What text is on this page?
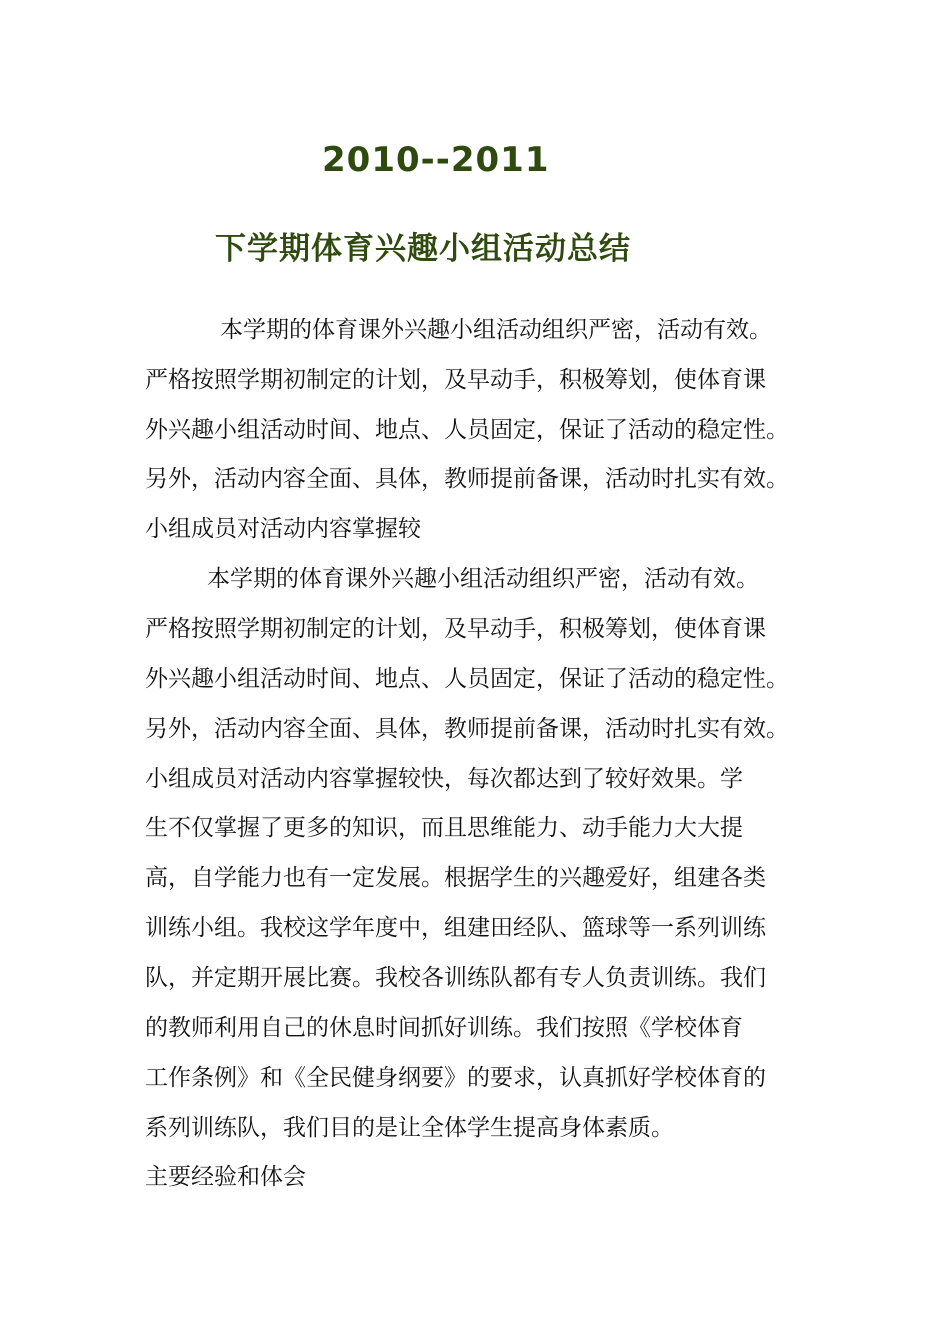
2010--2011
下学期体育兴趣小组活动总结
本学期的体育课外兴趣小组活动组织严密，活动有效。
严格按照学期初制定的计划，及早动手，积极筹划，使体育课
外兴趣小组活动时间、地点、人员固定，保证了活动的稳定性。
另外，活动内容全面、具体，教师提前备课，活动时扎实有效。
小组成员对活动内容掌握较
本学期的体育课外兴趣小组活动组织严密，活动有效。
严格按照学期初制定的计划，及早动手，积极筹划，使体育课
外兴趣小组活动时间、地点、人员固定，保证了活动的稳定性。
另外，活动内容全面、具体，教师提前备课，活动时扎实有效。
小组成员对活动内容掌握较快，每次都达到了较好效果。学
生不仅掌握了更多的知识，而且思维能力、动手能力大大提
高，自学能力也有一定发展。根据学生的兴趣爱好，组建各类
训练小组。我校这学年度中，组建田经队、篮球等一系列训练
队，并定期开展比赛。我校各训练队都有专人负责训练。我们
的教师利用自己的休息时间抓好训练。我们按照《学校体育
工作条例》和《全民健身纲要》的要求，认真抓好学校体育的
系列训练队，我们目的是让全体学生提高身体素质。
主要经验和体会
